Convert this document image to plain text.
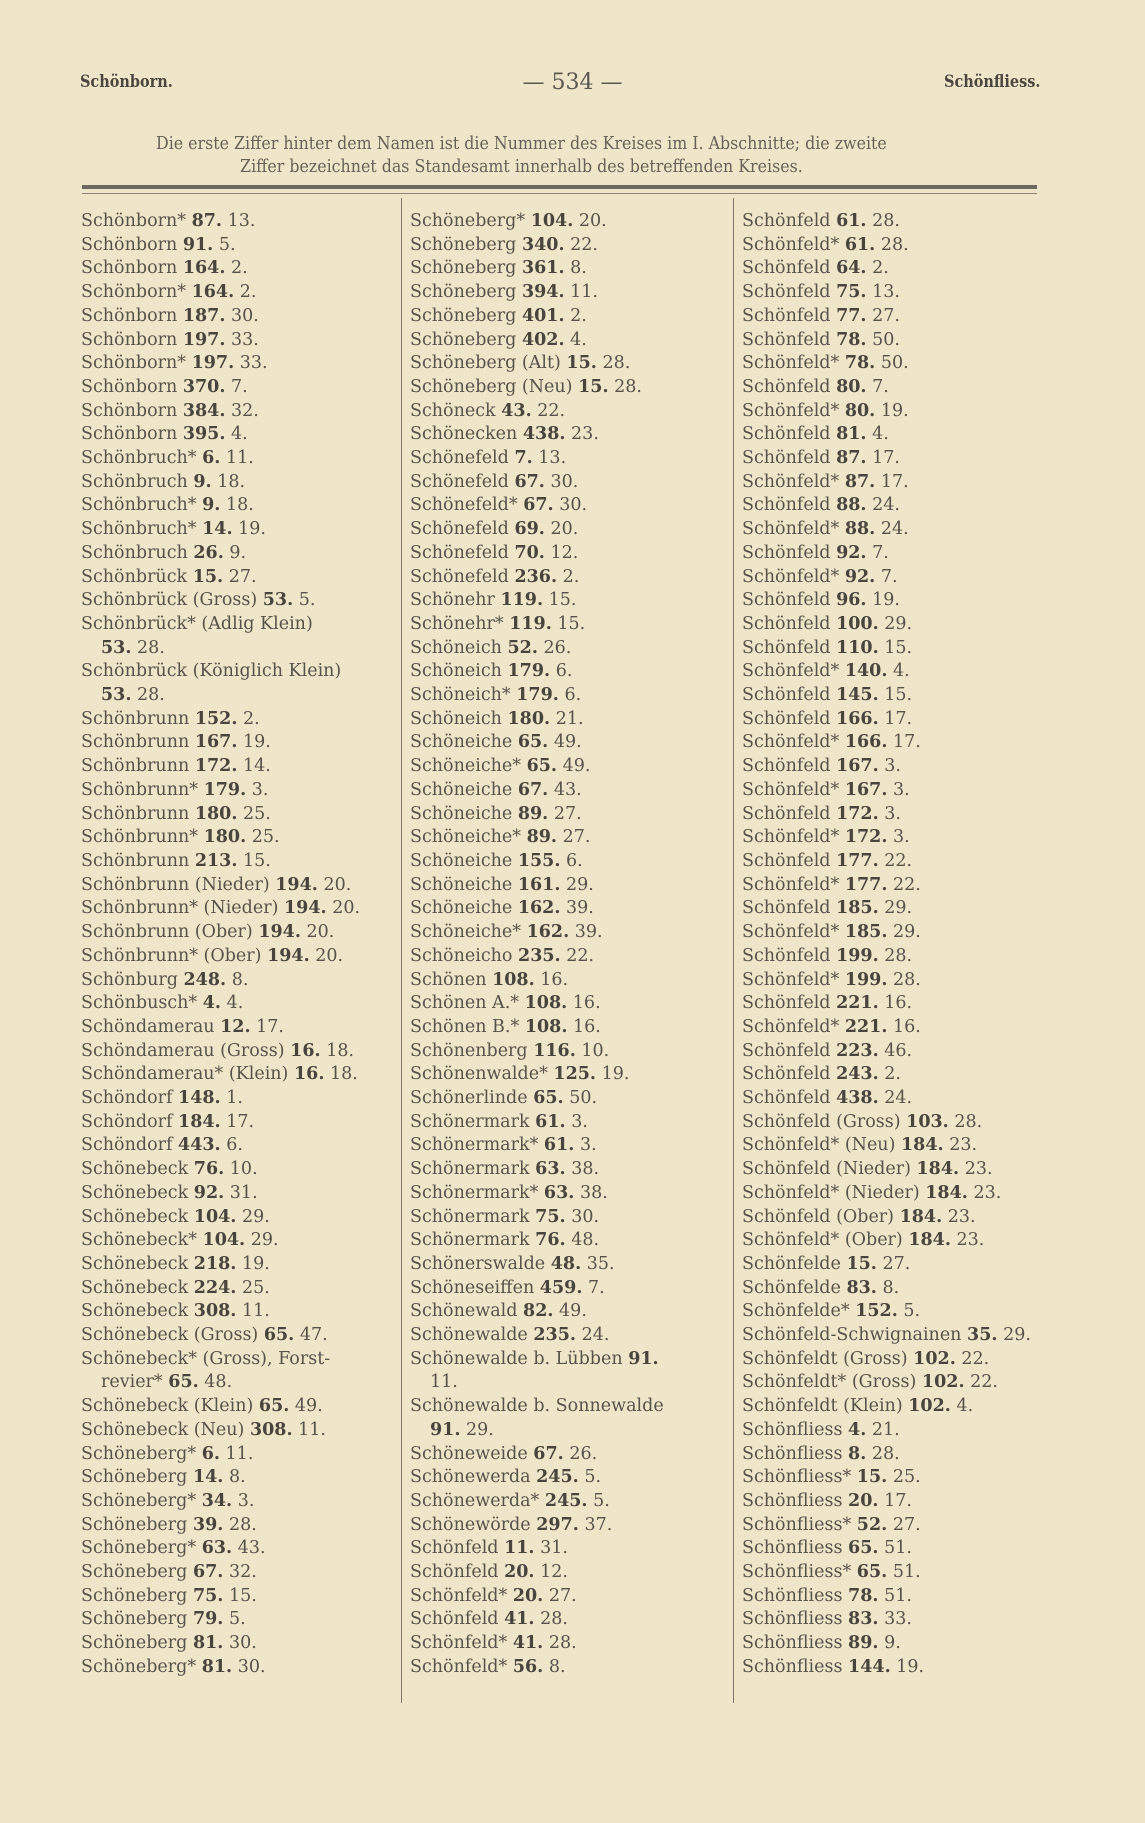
Schönborn.	— 534 —	Schönfliess.
Die erste Ziffer hinter dem Namen ist die Nummer des Kreises im I. Abschnitte; die zweite
Ziffer bezeichnet das Standesamt innerhalb des betreffenden Kreises.
Schönborn* 87. 13.
Schönborn 91. 5.
Schönborn 164. 2.
Schönborn* 164. 2.
Schönborn 187. 30.
Schönborn 197. 33.
Schönborn* 197. 33.
Schönborn 370. 7.
Schönborn 384. 32.
Schönborn 395. 4.
Schönbruch* 6. 11.
Schönbruch 9. 18.
Schönbruch* 9. 18.
Schönbruch* 14. 19.
Schönbruch 26. 9.
Schönbrück 15. 27.
Schönbrück (Gross) 53. 5.
Schönbrück* (Adlig Klein)
53. 28.
Schönbrück (Königlich Klein)
53. 28.
Schönbrunn 152. 2.
Schönbrunn 167. 19.
Schönbrunn 172. 14.
Schönbrunn* 179. 3.
Schönbrunn 180. 25.
Schönbrunn* 180. 25.
Schönbrunn 213. 15.
Schönbrunn (Nieder) 194. 20.
Schönbrunn* (Nieder) 194. 20.
Schönbrunn (Ober) 194. 20.
Schönbrunn* (Ober) 194. 20.
Schönburg 248. 8.
Schönbusch* 4. 4.
Schöndamerau 12. 17.
Schöndamerau (Gross) 16. 18.
Schöndamerau* (Klein) 16. 18.
Schöndorf 148. 1.
Schöndorf 184. 17.
Schöndorf 443. 6.
Schönebeck 76. 10.
Schönebeck 92. 31.
Schönebeck 104. 29.
Schönebeck* 104. 29.
Schönebeck 218. 19.
Schönebeck 224. 25.
Schönebeck 308. 11.
Schönebeck (Gross) 65. 47.
Schönebeck* (Gross), Forst-
revier* 65. 48.
Schönebeck (Klein) 65. 49.
Schönebeck (Neu) 308. 11.
Schöneberg* 6. 11.
Schöneberg 14. 8.
Schöneberg* 34. 3.
Schöneberg 39. 28.
Schöneberg* 63. 43.
Schöneberg 67. 32.
Schöneberg 75. 15.
Schöneberg 79. 5.
Schöneberg 81. 30.
Schöneberg* 81. 30.
Schöneberg* 104. 20.
Schöneberg 340. 22.
Schöneberg 361. 8.
Schöneberg 394. 11.
Schöneberg 401. 2.
Schöneberg 402. 4.
Schöneberg (Alt) 15. 28.
Schöneberg (Neu) 15. 28.
Schöneck 43. 22.
Schönecken 438. 23.
Schönefeld 7. 13.
Schönefeld 67. 30.
Schönefeld* 67. 30.
Schönefeld 69. 20.
Schönefeld 70. 12.
Schönefeld 236. 2.
Schönehr 119. 15.
Schönehr* 119. 15.
Schöneich 52. 26.
Schöneich 179. 6.
Schöneich* 179. 6.
Schöneich 180. 21.
Schöneiche 65. 49.
Schöneiche* 65. 49.
Schöneiche 67. 43.
Schöneiche 89. 27.
Schöneiche* 89. 27.
Schöneiche 155. 6.
Schöneiche 161. 29.
Schöneiche 162. 39.
Schöneiche* 162. 39.
Schöneicho 235. 22.
Schönen 108. 16.
Schönen A.* 108. 16.
Schönen B.* 108. 16.
Schönenberg 116. 10.
Schönenwalde* 125. 19.
Schönerlinde 65. 50.
Schönermark 61. 3.
Schönermark* 61. 3.
Schönermark 63. 38.
Schönermark* 63. 38.
Schönermark 75. 30.
Schönermark 76. 48.
Schönerswalde 48. 35.
Schöneseiffen 459. 7.
Schönewald 82. 49.
Schönewalde 235. 24.
Schönewalde b. Lübben 91.
11.
Schönewalde b. Sonnewalde
91. 29.
Schöneweide 67. 26.
Schönewerda 245. 5.
Schönewerda* 245. 5.
Schönewörde 297. 37.
Schönfeld 11. 31.
Schönfeld 20. 12.
Schönfeld* 20. 27.
Schönfeld 41. 28.
Schönfeld* 41. 28.
Schönfeld* 56. 8.
Schönfeld 61. 28.
Schönfeld* 61. 28.
Schönfeld 64. 2.
Schönfeld 75. 13.
Schönfeld 77. 27.
Schönfeld 78. 50.
Schönfeld* 78. 50.
Schönfeld 80. 7.
Schönfeld* 80. 19.
Schönfeld 81. 4.
Schönfeld 87. 17.
Schönfeld* 87. 17.
Schönfeld 88. 24.
Schönfeld* 88. 24.
Schönfeld 92. 7.
Schönfeld* 92. 7.
Schönfeld 96. 19.
Schönfeld 100. 29.
Schönfeld 110. 15.
Schönfeld* 140. 4.
Schönfeld 145. 15.
Schönfeld 166. 17.
Schönfeld* 166. 17.
Schönfeld 167. 3.
Schönfeld* 167. 3.
Schönfeld 172. 3.
Schönfeld* 172. 3.
Schönfeld 177. 22.
Schönfeld* 177. 22.
Schönfeld 185. 29.
Schönfeld* 185. 29.
Schönfeld 199. 28.
Schönfeld* 199. 28.
Schönfeld 221. 16.
Schönfeld* 221. 16.
Schönfeld 223. 46.
Schönfeld 243. 2.
Schönfeld 438. 24.
Schönfeld (Gross) 103. 28.
Schönfeld* (Neu) 184. 23.
Schönfeld (Nieder) 184. 23.
Schönfeld* (Nieder) 184. 23.
Schönfeld (Ober) 184. 23.
Schönfeld* (Ober) 184. 23.
Schönfelde 15. 27.
Schönfelde 83. 8.
Schönfelde* 152. 5.
Schönfeld-Schwignainen 35. 29.
Schönfeldt (Gross) 102. 22.
Schönfeldt* (Gross) 102. 22.
Schönfeldt (Klein) 102. 4.
Schönfliess 4. 21.
Schönfliess 8. 28.
Schönfliess* 15. 25.
Schönfliess 20. 17.
Schönfliess* 52. 27.
Schönfliess 65. 51.
Schönfliess* 65. 51.
Schönfliess 78. 51.
Schönfliess 83. 33.
Schönfliess 89. 9.
Schönfliess 144. 19.
